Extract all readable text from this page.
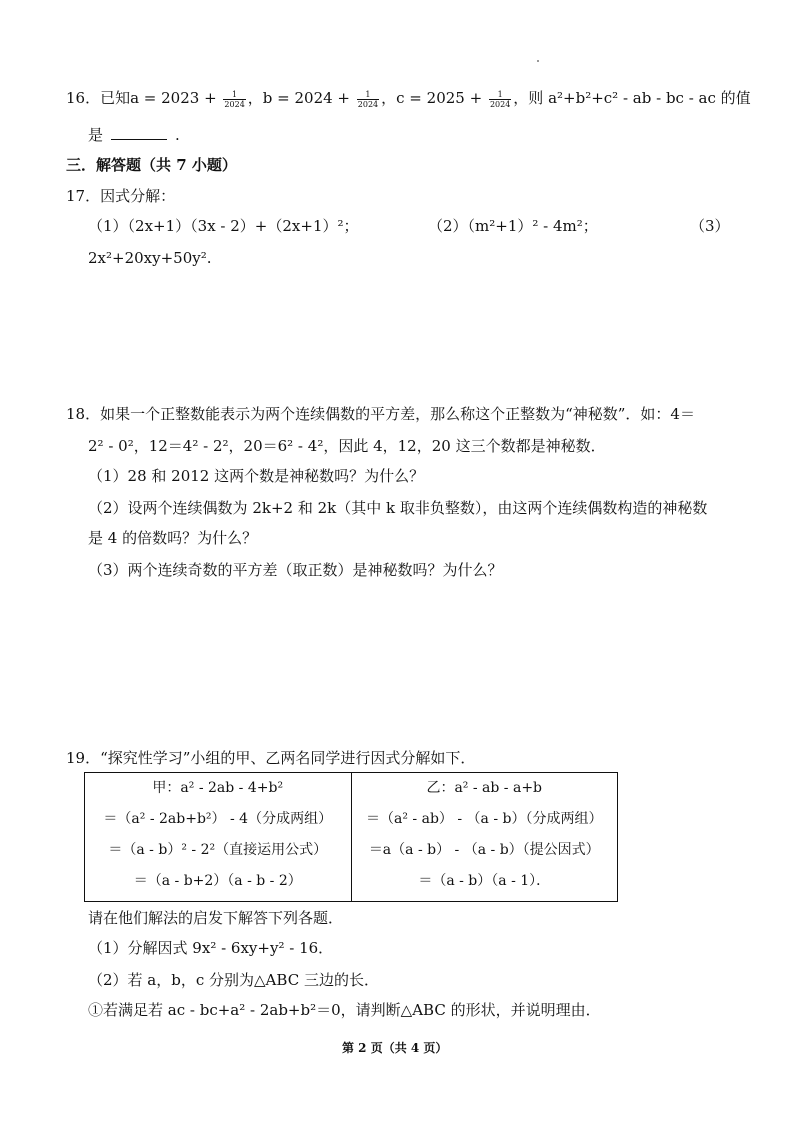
16．已知$a = 2023 + \frac{1}{2024}$ ，$b = 2024 + \frac{1}{2024}$ ，$c = 2025 + \frac{1}{2024}$ ，则 a²+b²+c² - ab - bc - ac 的值
是	.
三．解答题（共 7 小题）
17．因式分解：
（1）（2x+1）（3x - 2）+（2x+1）²；	（2）（m²+1）² - 4m²；	（3）
2x²+20xy+50y².
18．如果一个正整数能表示为两个连续偶数的平方差，那么称这个正整数为“神秘数”．如：4＝
2² - 0²，12＝4² - 2²，20＝6² - 4²，因此 4，12，20 这三个数都是神秘数．
（1）28 和 2012 这两个数是神秘数吗？为什么？
（2）设两个连续偶数为 2k+2 和 2k（其中 k 取非负整数），由这两个连续偶数构造的神秘数
是 4 的倍数吗？为什么？
（3）两个连续奇数的平方差（取正数）是神秘数吗？为什么？
19．“探究性学习”小组的甲、乙两名同学进行因式分解如下．
甲：a² - 2ab - 4+b²
＝（a² - 2ab+b²） - 4（分成两组）
＝（a - b）² - 2²（直接运用公式）
＝（a - b+2）（a - b - 2）

乙：a² - ab - a+b
＝（a² - ab） - （a - b）（分成两组）
＝a（a - b） - （a - b）（提公因式）
＝（a - b）（a - 1）．
请在他们解法的启发下解答下列各题．
（1）分解因式 9x² - 6xy+y² - 16．
（2）若 a，b，c 分别为△ABC 三边的长．
①若满足若 ac - bc+a² - 2ab+b²＝0，请判断△ABC 的形状，并说明理由．
第 2 页（共 4 页）
